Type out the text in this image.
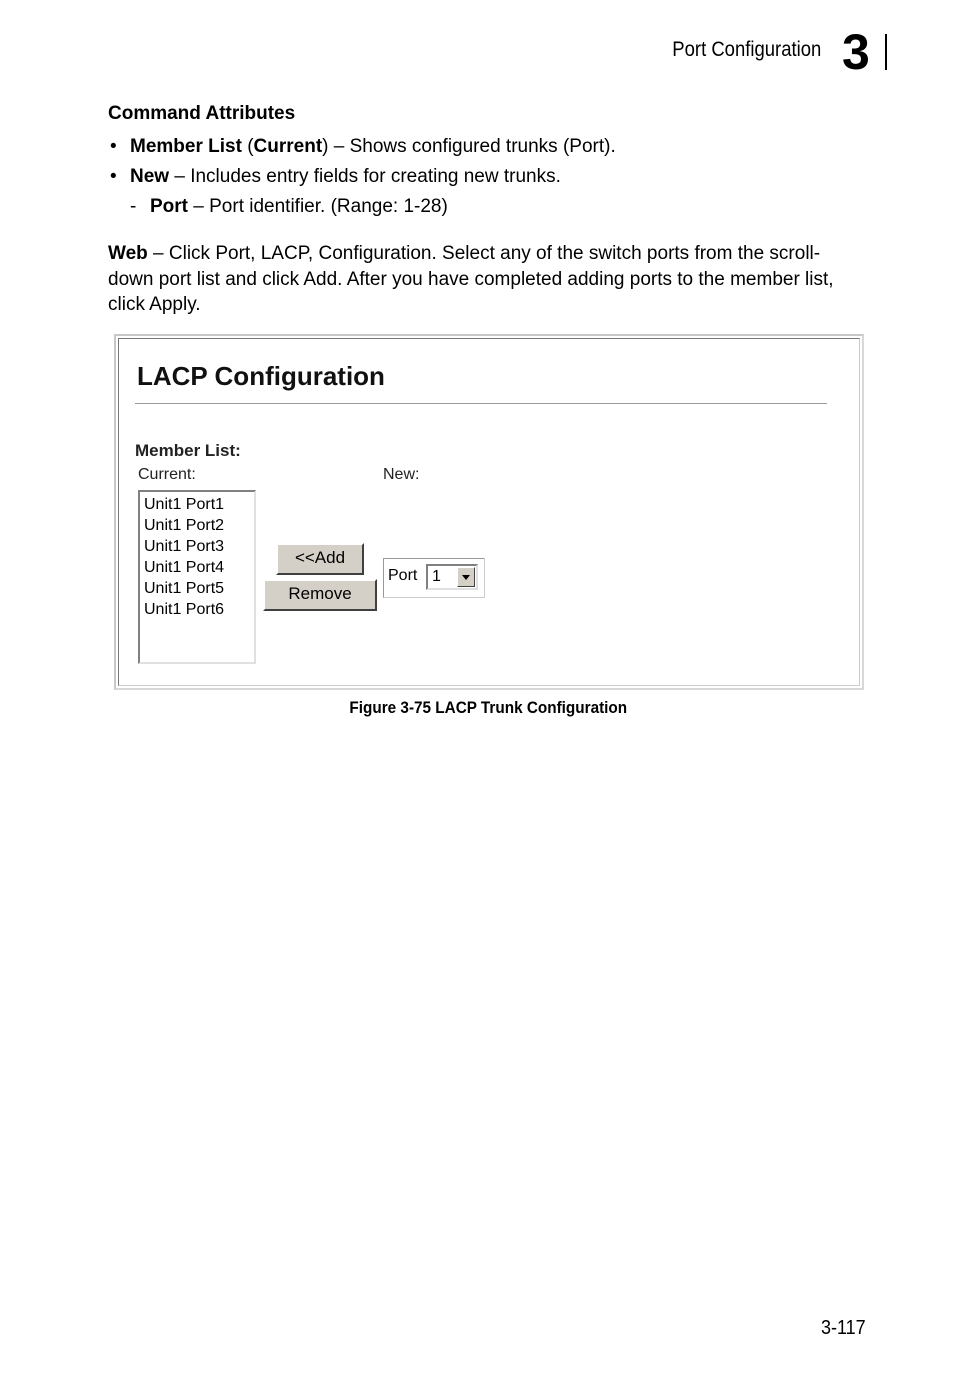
Port Configuration 3
Command Attributes
• Member List (Current) – Shows configured trunks (Port).
• New – Includes entry fields for creating new trunks.
- Port – Port identifier. (Range: 1-28)
Web – Click Port, LACP, Configuration. Select any of the switch ports from the scroll-down port list and click Add. After you have completed adding ports to the member list, click Apply.
LACP Configuration
Member List:
Current:	New:
Unit1 Port1
Unit1 Port2
Unit1 Port3
Unit1 Port4
Unit1 Port5
Unit1 Port6
<<Add
Remove
Port 1
Figure 3-75 LACP Trunk Configuration
3-117
